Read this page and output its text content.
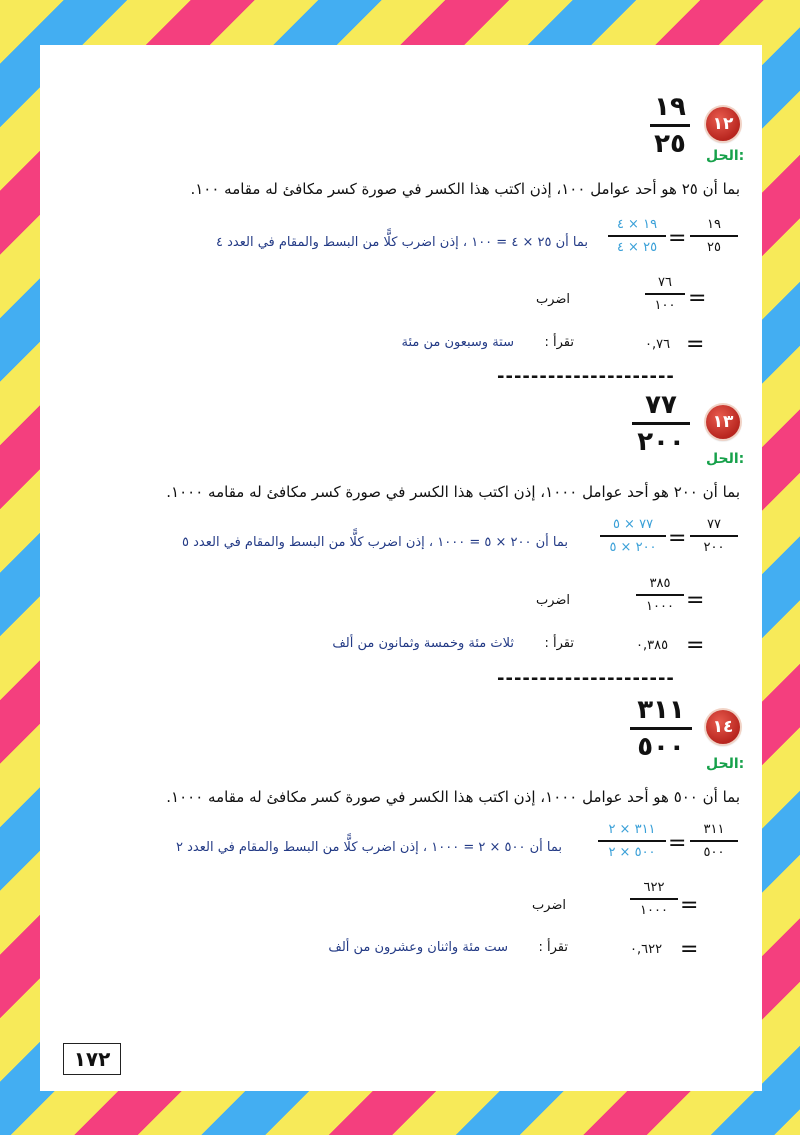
١٢
١٩
٢٥ الحل:
بما أن ٢٥ هو أحد عوامل ١٠٠، إذن اكتب هذا الكسر في صورة كسر مكافئ له مقامه ١٠٠.
١٩
٢٥
=
١٩ × ٤
٢٥ × ٤
بما أن ٢٥ × ٤ = ١٠٠ ، إذن اضرب كلًّا من البسط والمقام في العدد ٤
=
٧٦
١٠٠
اضرب
=
٠,٧٦
تقرأ :
ستة وسبعون من مئة
---------------------
١٣
٧٧
٢٠٠
الحل:
بما أن ٢٠٠ هو أحد عوامل ١٠٠٠، إذن اكتب هذا الكسر في صورة كسر مكافئ له مقامه ١٠٠٠.
٧٧
٢٠٠
=
٧٧ × ٥
٢٠٠ × ٥
بما أن ٢٠٠ × ٥ = ١٠٠٠ ، إذن اضرب كلًّا من البسط والمقام في العدد ٥
=
٣٨٥
١٠٠٠
اضرب
=
٠,٣٨٥
تقرأ :
ثلاث مئة وخمسة وثمانون من ألف
---------------------
١٤
٣١١
٥٠٠
الحل:
بما أن ٥٠٠ هو أحد عوامل ١٠٠٠، إذن اكتب هذا الكسر في صورة كسر مكافئ له مقامه ١٠٠٠.
٣١١
٥٠٠
=
٣١١ × ٢
٥٠٠ × ٢
بما أن ٥٠٠ × ٢ = ١٠٠٠ ، إذن اضرب كلًّا من البسط والمقام في العدد ٢
=
٦٢٢
١٠٠٠
اضرب
=
٠,٦٢٢
تقرأ :
ست مئة واثنان وعشرون من ألف
١٧٢
